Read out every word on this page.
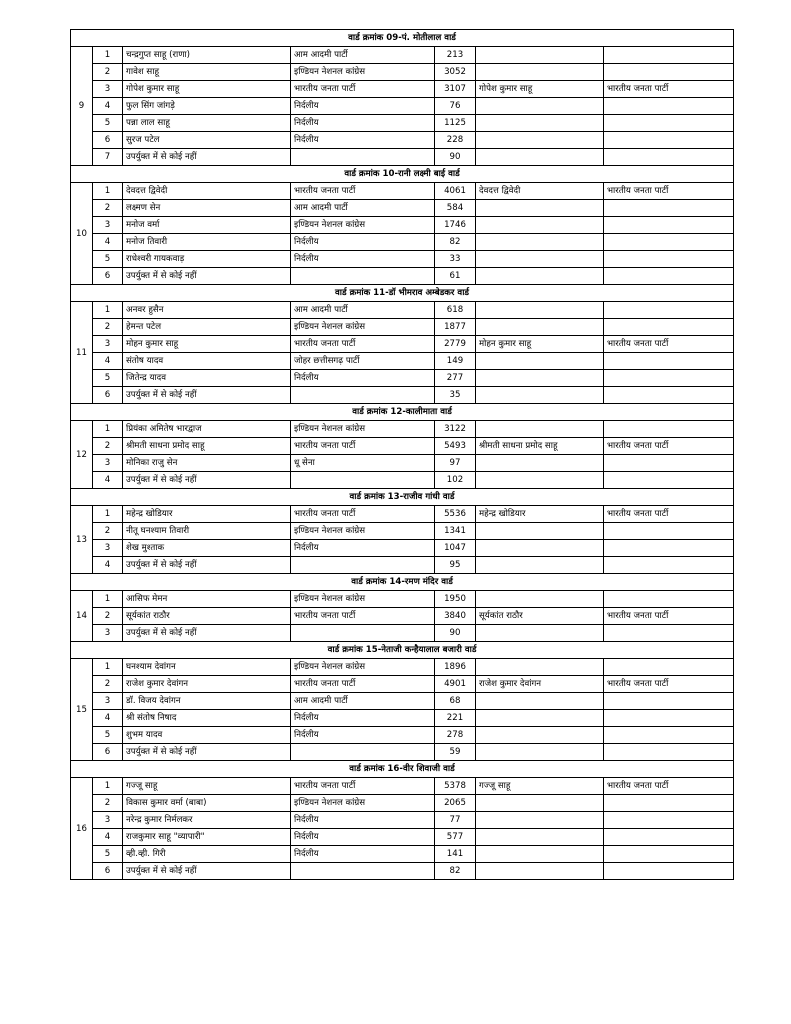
वार्ड क्रमांक 09-पं. मोतीलाल वार्ड						
9	1	चन्द्रगुप्त साहू (राणा)	आम आदमी पार्टी	213		
	2	गावेश साहू	इण्डियन नेशनल कांग्रेस	3052		
	3	गोपेश कुमार साहू	भारतीय जनता पार्टी	3107	गोपेश कुमार साहू	भारतीय जनता पार्टी
	4	फुल सिंग जांगड़े	निर्दलीय	76		
	5	पन्ना लाल साहू	निर्दलीय	1125		
	6	सुरज पटेल	निर्दलीय	228		
	7	उपर्युक्त में से कोई नहीं		90		
वार्ड क्रमांक 10-रानी लक्ष्मी बाई वार्ड						
10	1	देवदत्त द्विवेदी	भारतीय जनता पार्टी	4061	देवदत्त द्विवेदी	भारतीय जनता पार्टी
	2	लक्ष्मण सेन	आम आदमी पार्टी	584		
	3	मनोज वर्मा	इण्डियन नेशनल कांग्रेस	1746		
	4	मनोज तिवारी	निर्दलीय	82		
	5	राधेश्वरी गायकवाड़	निर्दलीय	33		
	6	उपर्युक्त में से कोई नहीं		61		
वार्ड क्रमांक 11-डॉ भीमराव अम्बेडकर वार्ड						
11	1	अनवर हुसैन	आम आदमी पार्टी	618		
	2	हेमन्त पटेल	इण्डियन नेशनल कांग्रेस	1877		
	3	मोहन कुमार साहू	भारतीय जनता पार्टी	2779	मोहन कुमार साहू	भारतीय जनता पार्टी
	4	संतोष यादव	जोहर छत्तीसगढ़ पार्टी	149		
	5	जितेन्द्र यादव	निर्दलीय	277		
	6	उपर्युक्त में से कोई नहीं		35		
वार्ड क्रमांक 12-कालीमाता वार्ड						
12	1	प्रियंका अमितेष भारद्वाज	इण्डियन नेशनल कांग्रेस	3122		
	2	श्रीमती साधना प्रमोद साहू	भारतीय जनता पार्टी	5493	श्रीमती साधना प्रमोद साहू	भारतीय जनता पार्टी
	3	मोनिका राजु सेन	धू सेना	97		
	4	उपर्युक्त में से कोई नहीं		102		
वार्ड क्रमांक 13-राजीव गांधी वार्ड						
13	1	महेन्द्र खोडियार	भारतीय जनता पार्टी	5536	महेन्द्र खोडियार	भारतीय जनता पार्टी
	2	नीतू घनश्याम तिवारी	इण्डियन नेशनल कांग्रेस	1341		
	3	शेख मुश्ताक	निर्दलीय	1047		
	4	उपर्युक्त में से कोई नहीं		95		
वार्ड क्रमांक 14-रमण मंदिर वार्ड						
14	1	आसिफ मेमन	इण्डियन नेशनल कांग्रेस	1950		
	2	सूर्यकांत राठौर	भारतीय जनता पार्टी	3840	सूर्यकांत राठौर	भारतीय जनता पार्टी
	3	उपर्युक्त में से कोई नहीं		90		
वार्ड क्रमांक 15-नेताजी कन्हैयालाल बजारी वार्ड						
15	1	घनश्याम देवांगन	इण्डियन नेशनल कांग्रेस	1896		
	2	राजेश कुमार देवांगन	भारतीय जनता पार्टी	4901	राजेश कुमार देवांगन	भारतीय जनता पार्टी
	3	डॉ. विजय देवांगन	आम आदमी पार्टी	68		
	4	श्री संतोष निषाद	निर्दलीय	221		
	5	शुभम यादव	निर्दलीय	278		
	6	उपर्युक्त में से कोई नहीं		59		
वार्ड क्रमांक 16-वीर शिवाजी वार्ड						
16	1	गज्जू साहू	भारतीय जनता पार्टी	5378	गज्जू साहू	भारतीय जनता पार्टी
	2	विकास कुमार वर्मा (बाबा)	इण्डियन नेशनल कांग्रेस	2065		
	3	नरेन्द्र कुमार निर्मलकर	निर्दलीय	77		
	4	राजकुमार साहू "व्यापारी"	निर्दलीय	577		
	5	व्ही.व्ही. गिरी	निर्दलीय	141		
	6	उपर्युक्त में से कोई नहीं		82		
